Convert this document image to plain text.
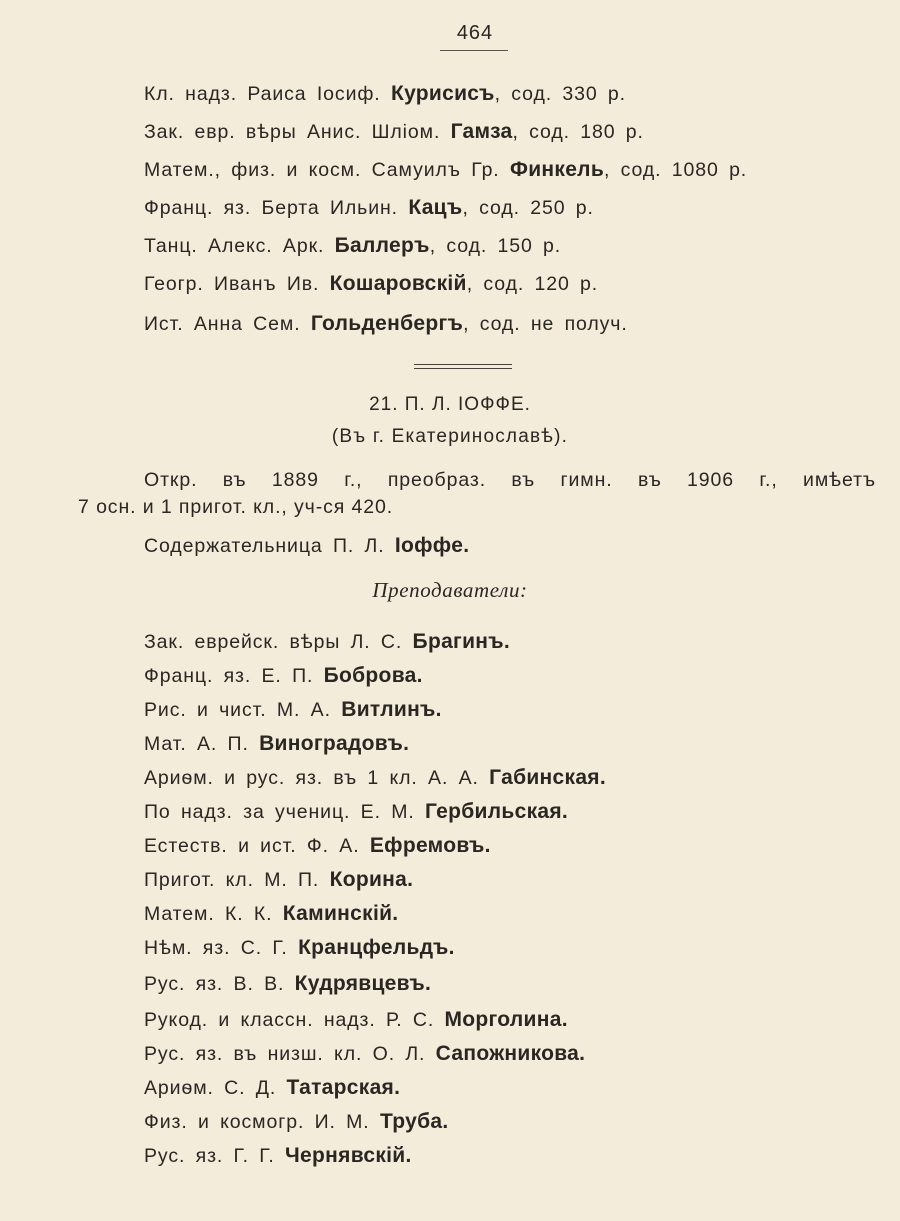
464
Кл. надз. Раиса Іосиф. Курисисъ, сод. 330 р.
Зак. евр. вѣры Анис. Шліом. Гамза, сод. 180 р.
Матем., физ. и косм. Самуилъ Гр. Финкель, сод. 1080 р.
Франц. яз. Берта Ильин. Кацъ, сод. 250 р.
Танц. Алекс. Арк. Баллеръ, сод. 150 р.
Геогр. Иванъ Ив. Кошаровскій, сод. 120 р.
Ист. Анна Сем. Гольденбергъ, сод. не получ.
21. П. Л. ІОФФЕ.
(Въ г. Екатеринославѣ).
Откр. въ 1889 г., преобраз. въ гимн. въ 1906 г., имѣетъ
7 осн. и 1 пригот. кл., уч-ся 420.
Содержательница П. Л. Іоффе.
Преподаватели:
Зак. еврейск. вѣры Л. С. Брагинъ.
Франц. яз. Е. П. Боброва.
Рис. и чист. М. А. Витлинъ.
Мат. А. П. Виноградовъ.
Ариѳм. и рус. яз. въ 1 кл. А. А. Габинская.
По надз. за учениц. Е. М. Гербильская.
Естеств. и ист. Ф. А. Ефремовъ.
Пригот. кл. М. П. Корина.
Матем. К. К. Каминскій.
Нѣм. яз. С. Г. Кранцфельдъ.
Рус. яз. В. В. Кудрявцевъ.
Рукод. и классн. надз. Р. С. Морголина.
Рус. яз. въ низш. кл. О. Л. Сапожникова.
Ариѳм. С. Д. Татарская.
Физ. и космогр. И. М. Труба.
Рус. яз. Г. Г. Чернявскій.
